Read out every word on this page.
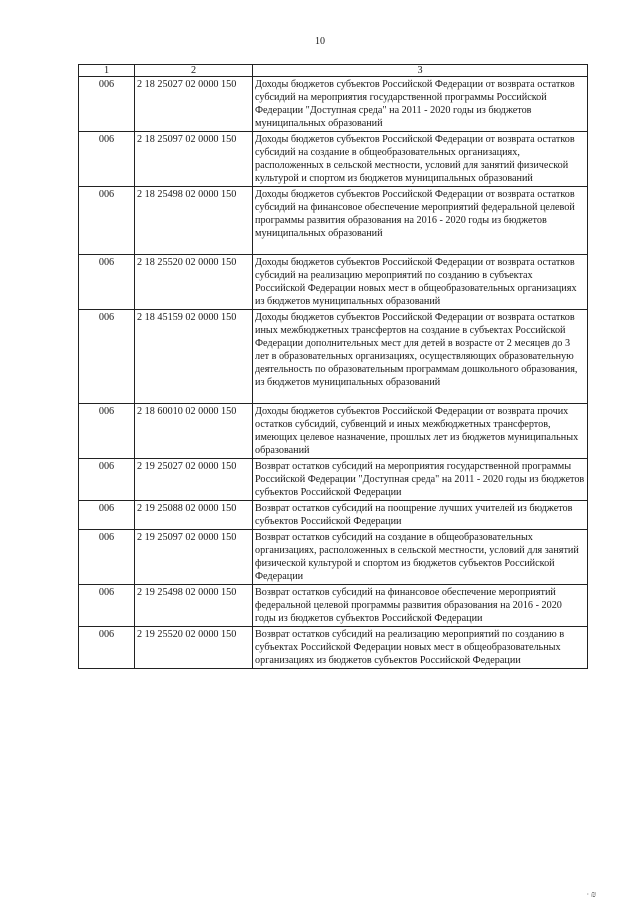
10
1	2	3
006	2 18 25027 02 0000 150	Доходы бюджетов субъектов Российской Федерации от возврата остатков субсидий на мероприятия государственной программы Российской Федерации "Доступная среда" на 2011 - 2020 годы из бюджетов муниципальных образований
006	2 18 25097 02 0000 150	Доходы бюджетов субъектов Российской Федерации от возврата остатков субсидий на создание в общеобразовательных организациях, расположенных в сельской местности, условий для занятий физической культурой и спортом из бюджетов муниципальных образований
006	2 18 25498 02 0000 150	Доходы бюджетов субъектов Российской Федерации от возврата остатков субсидий на финансовое обеспечение мероприятий федеральной целевой программы развития образования на 2016 - 2020 годы из бюджетов муниципальных образований
006	2 18 25520 02 0000 150	Доходы бюджетов субъектов Российской Федерации от возврата остатков субсидий на реализацию мероприятий по созданию в субъектах Российской Федерации новых мест в общеобразовательных организациях из бюджетов муниципальных образований
006	2 18 45159 02 0000 150	Доходы бюджетов субъектов Российской Федерации от возврата остатков иных межбюджетных трансфертов на создание в субъектах Российской Федерации дополнительных мест для детей в возрасте от 2 месяцев до 3 лет в образовательных организациях, осуществляющих образовательную деятельность по образовательным программам дошкольного образования, из бюджетов муниципальных образований
006	2 18 60010 02 0000 150	Доходы бюджетов субъектов Российской Федерации от возврата прочих остатков субсидий, субвенций и иных межбюджетных трансфертов, имеющих целевое назначение, прошлых лет из бюджетов муниципальных образований
006	2 19 25027 02 0000 150	Возврат остатков субсидий на мероприятия государственной программы Российской Федерации "Доступная среда" на 2011 - 2020 годы из бюджетов субъектов Российской Федерации
006	2 19 25088 02 0000 150	Возврат остатков субсидий на поощрение лучших учителей из бюджетов субъектов Российской Федерации
006	2 19 25097 02 0000 150	Возврат остатков субсидий на создание в общеобразовательных организациях, расположенных в сельской местности, условий для занятий физической культурой и спортом из бюджетов субъектов Российской Федерации
006	2 19 25498 02 0000 150	Возврат остатков субсидий на финансовое обеспечение мероприятий федеральной целевой программы развития образования на 2016 - 2020 годы из бюджетов субъектов Российской Федерации
006	2 19 25520 02 0000 150	Возврат остатков субсидий на реализацию мероприятий по созданию в субъектах Российской Федерации новых мест в общеобразовательных организациях из бюджетов субъектов Российской Федерации
· ₪
